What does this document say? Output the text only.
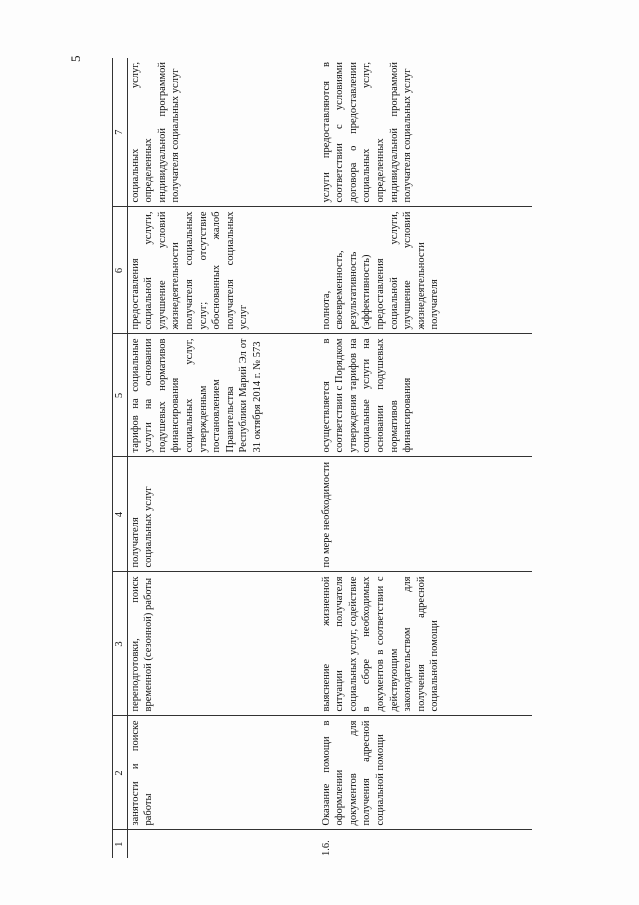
5
1	2	3	4	5	6	7
	занятости и поиске работы	переподготовки, поиск временной (сезонной) работы	получателя социальных услуг	тарифов на социальные услуги на основании подушевых нормативов финансирования социальных услуг, утвержденным постановлением Правительства Республики Марий Эл от 31 октября 2014 г. № 573	предоставления социальной услуги, улучшение условий жизнедеятельности получателя социальных услуг; отсутствие обоснованных жалоб получателя социальных услуг	социальных услуг, определенных индивидуальной программой получателя социальных услуг
1.6.	Оказание помощи в оформлении документов для получения адресной социальной помощи	выяснение жизненной ситуации получателя социальных услуг, содействие в сборе необходимых документов в соответствии с действующим законодательством для получения адресной социальной помощи	по мере необходимости	осуществляется в соответствии с Порядком утверждения тарифов на социальные услуги на основании подушевых нормативов финансирования	полнота, своевременность, результативность (эффективность) предоставления социальной услуги, улучшение условий жизнедеятельности получателя	услуги предоставляются в соответствии с условиями договора о предоставлении социальных услуг, определенных индивидуальной программой получателя социальных услуг
